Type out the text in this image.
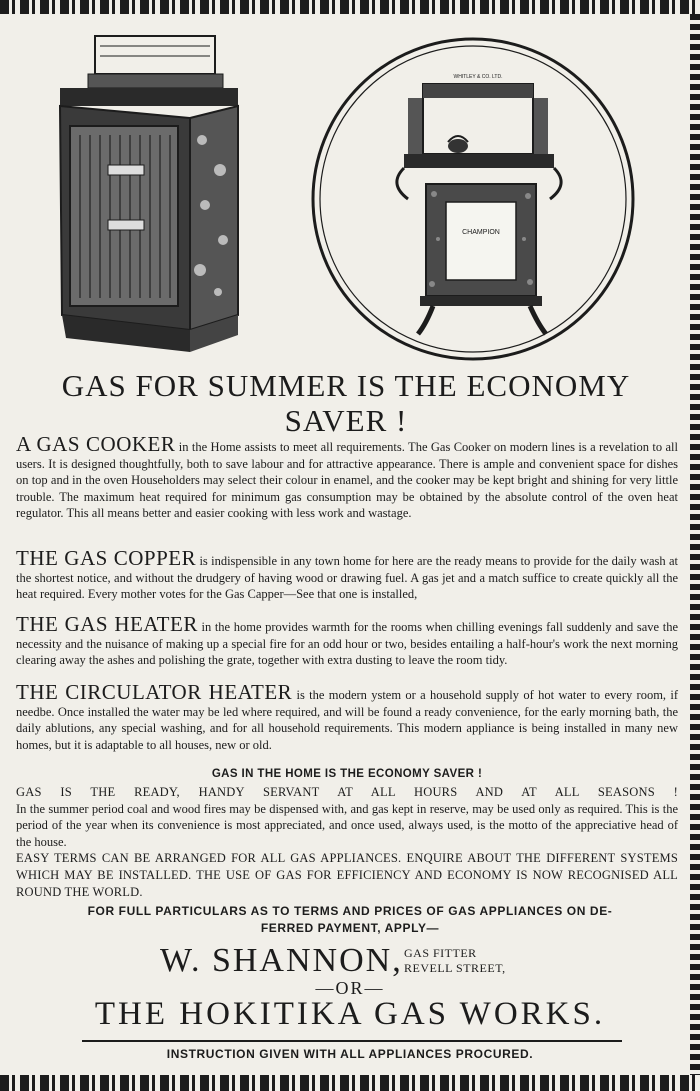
WHITLEY & CO. LTD.
CHAMPION
GAS FOR SUMMER IS THE ECONOMY
SAVER !
A GAS COOKER in the Home assists to meet all requirements. The Gas Cooker on modern lines is a revelation to all users. It is designed thoughtfully, both to save labour and for attractive appearance. There is ample and convenient space for dishes on top and in the oven Householders may select their colour in enamel, and the cooker may be kept bright and shining for very little trouble. The maximum heat required for minimum gas consumption may be obtained by the absolute control of the oven heat regulator. This all means better and easier cooking with less work and wastage.
THE GAS COPPER is indispensible in any town home for here are the ready means to provide for the daily wash at the shortest notice, and without the drudgery of having wood or drawing fuel. A gas jet and a match suffice to create quickly all the heat required. Every mother votes for the Gas Capper—See that one is installed,
THE GAS HEATER in the home provides warmth for the rooms when chilling evenings fall suddenly and save the necessity and the nuisance of making up a special fire for an odd hour or two, besides entailing a half-hour's work the next morning clearing away the ashes and polishing the grate, together with extra dusting to leave the room tidy.
THE CIRCULATOR HEATER is the modern ystem or a household supply of hot water to every room, if needbe. Once installed the water may be led where required, and will be found a ready convenience, for the early morning bath, the daily ablutions, any special washing, and for all household requirements. This modern appliance is being installed in many new homes, but it is adaptable to all houses, new or old.
GAS IN THE HOME IS THE ECONOMY SAVER !
GAS IS THE READY, HANDY SERVANT AT ALL HOURS AND AT ALL SEASONS !
In the summer period coal and wood fires may be dispensed with, and gas kept in reserve, may be used only as required. This is the period of the year when its convenience is most appreciated, and once used, always used, is the motto of the appreciative head of the house.
EASY TERMS CAN BE ARRANGED FOR ALL GAS APPLIANCES. ENQUIRE ABOUT THE DIFFERENT SYSTEMS WHICH MAY BE INSTALLED. THE USE OF GAS FOR EFFICIENCY AND ECONOMY IS NOW RECOGNISED ALL ROUND THE WORLD.
FOR FULL PARTICULARS AS TO TERMS AND PRICES OF GAS APPLIANCES ON DE-
FERRED PAYMENT, APPLY—
W. SHANNON, GAS FITTER
REVELL STREET,
—OR—
THE HOKITIKA GAS WORKS.
INSTRUCTION GIVEN WITH ALL APPLIANCES PROCURED.
